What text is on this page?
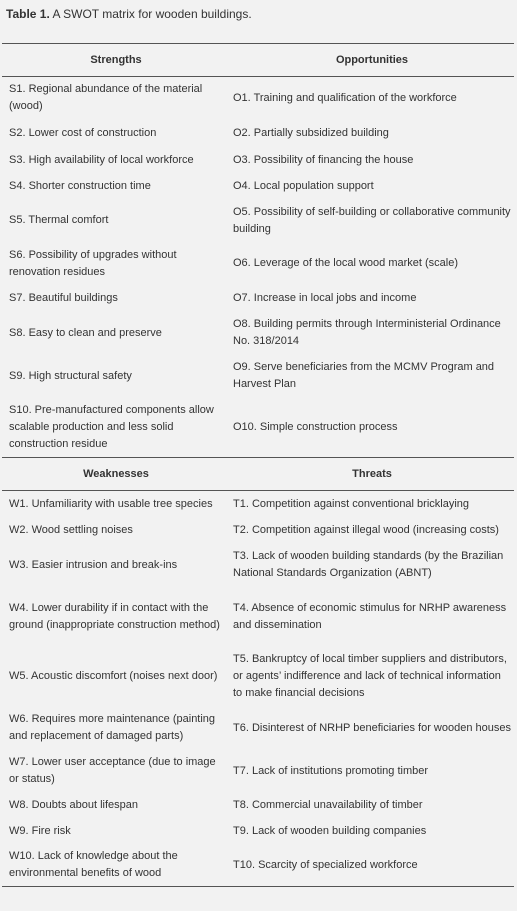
Table 1. A SWOT matrix for wooden buildings.
Strengths	Opportunities
S1. Regional abundance of the material (wood)	O1. Training and qualification of the workforce
S2. Lower cost of construction	O2. Partially subsidized building
S3. High availability of local workforce	O3. Possibility of financing the house
S4. Shorter construction time	O4. Local population support
S5. Thermal comfort	O5. Possibility of self-building or collaborative community building
S6. Possibility of upgrades without renovation residues	O6. Leverage of the local wood market (scale)
S7. Beautiful buildings	O7. Increase in local jobs and income
S8. Easy to clean and preserve	O8. Building permits through Interministerial Ordinance No. 318/2014
S9. High structural safety	O9. Serve beneficiaries from the MCMV Program and Harvest Plan
S10. Pre-manufactured components allow scalable production and less solid construction residue	O10. Simple construction process
Weaknesses	Threats
W1. Unfamiliarity with usable tree species	T1. Competition against conventional bricklaying
W2. Wood settling noises	T2. Competition against illegal wood (increasing costs)
W3. Easier intrusion and break-ins	T3. Lack of wooden building standards (by the Brazilian National Standards Organization (ABNT)
W4. Lower durability if in contact with the ground (inappropriate construction method)	T4. Absence of economic stimulus for NRHP awareness and dissemination
W5. Acoustic discomfort (noises next door)	T5. Bankruptcy of local timber suppliers and distributors, or agents’ indifference and lack of technical information to make financial decisions
W6. Requires more maintenance (painting and replacement of damaged parts)	T6. Disinterest of NRHP beneficiaries for wooden houses
W7. Lower user acceptance (due to image or status)	T7. Lack of institutions promoting timber
W8. Doubts about lifespan	T8. Commercial unavailability of timber
W9. Fire risk	T9. Lack of wooden building companies
W10. Lack of knowledge about the environmental benefits of wood	T10. Scarcity of specialized workforce
